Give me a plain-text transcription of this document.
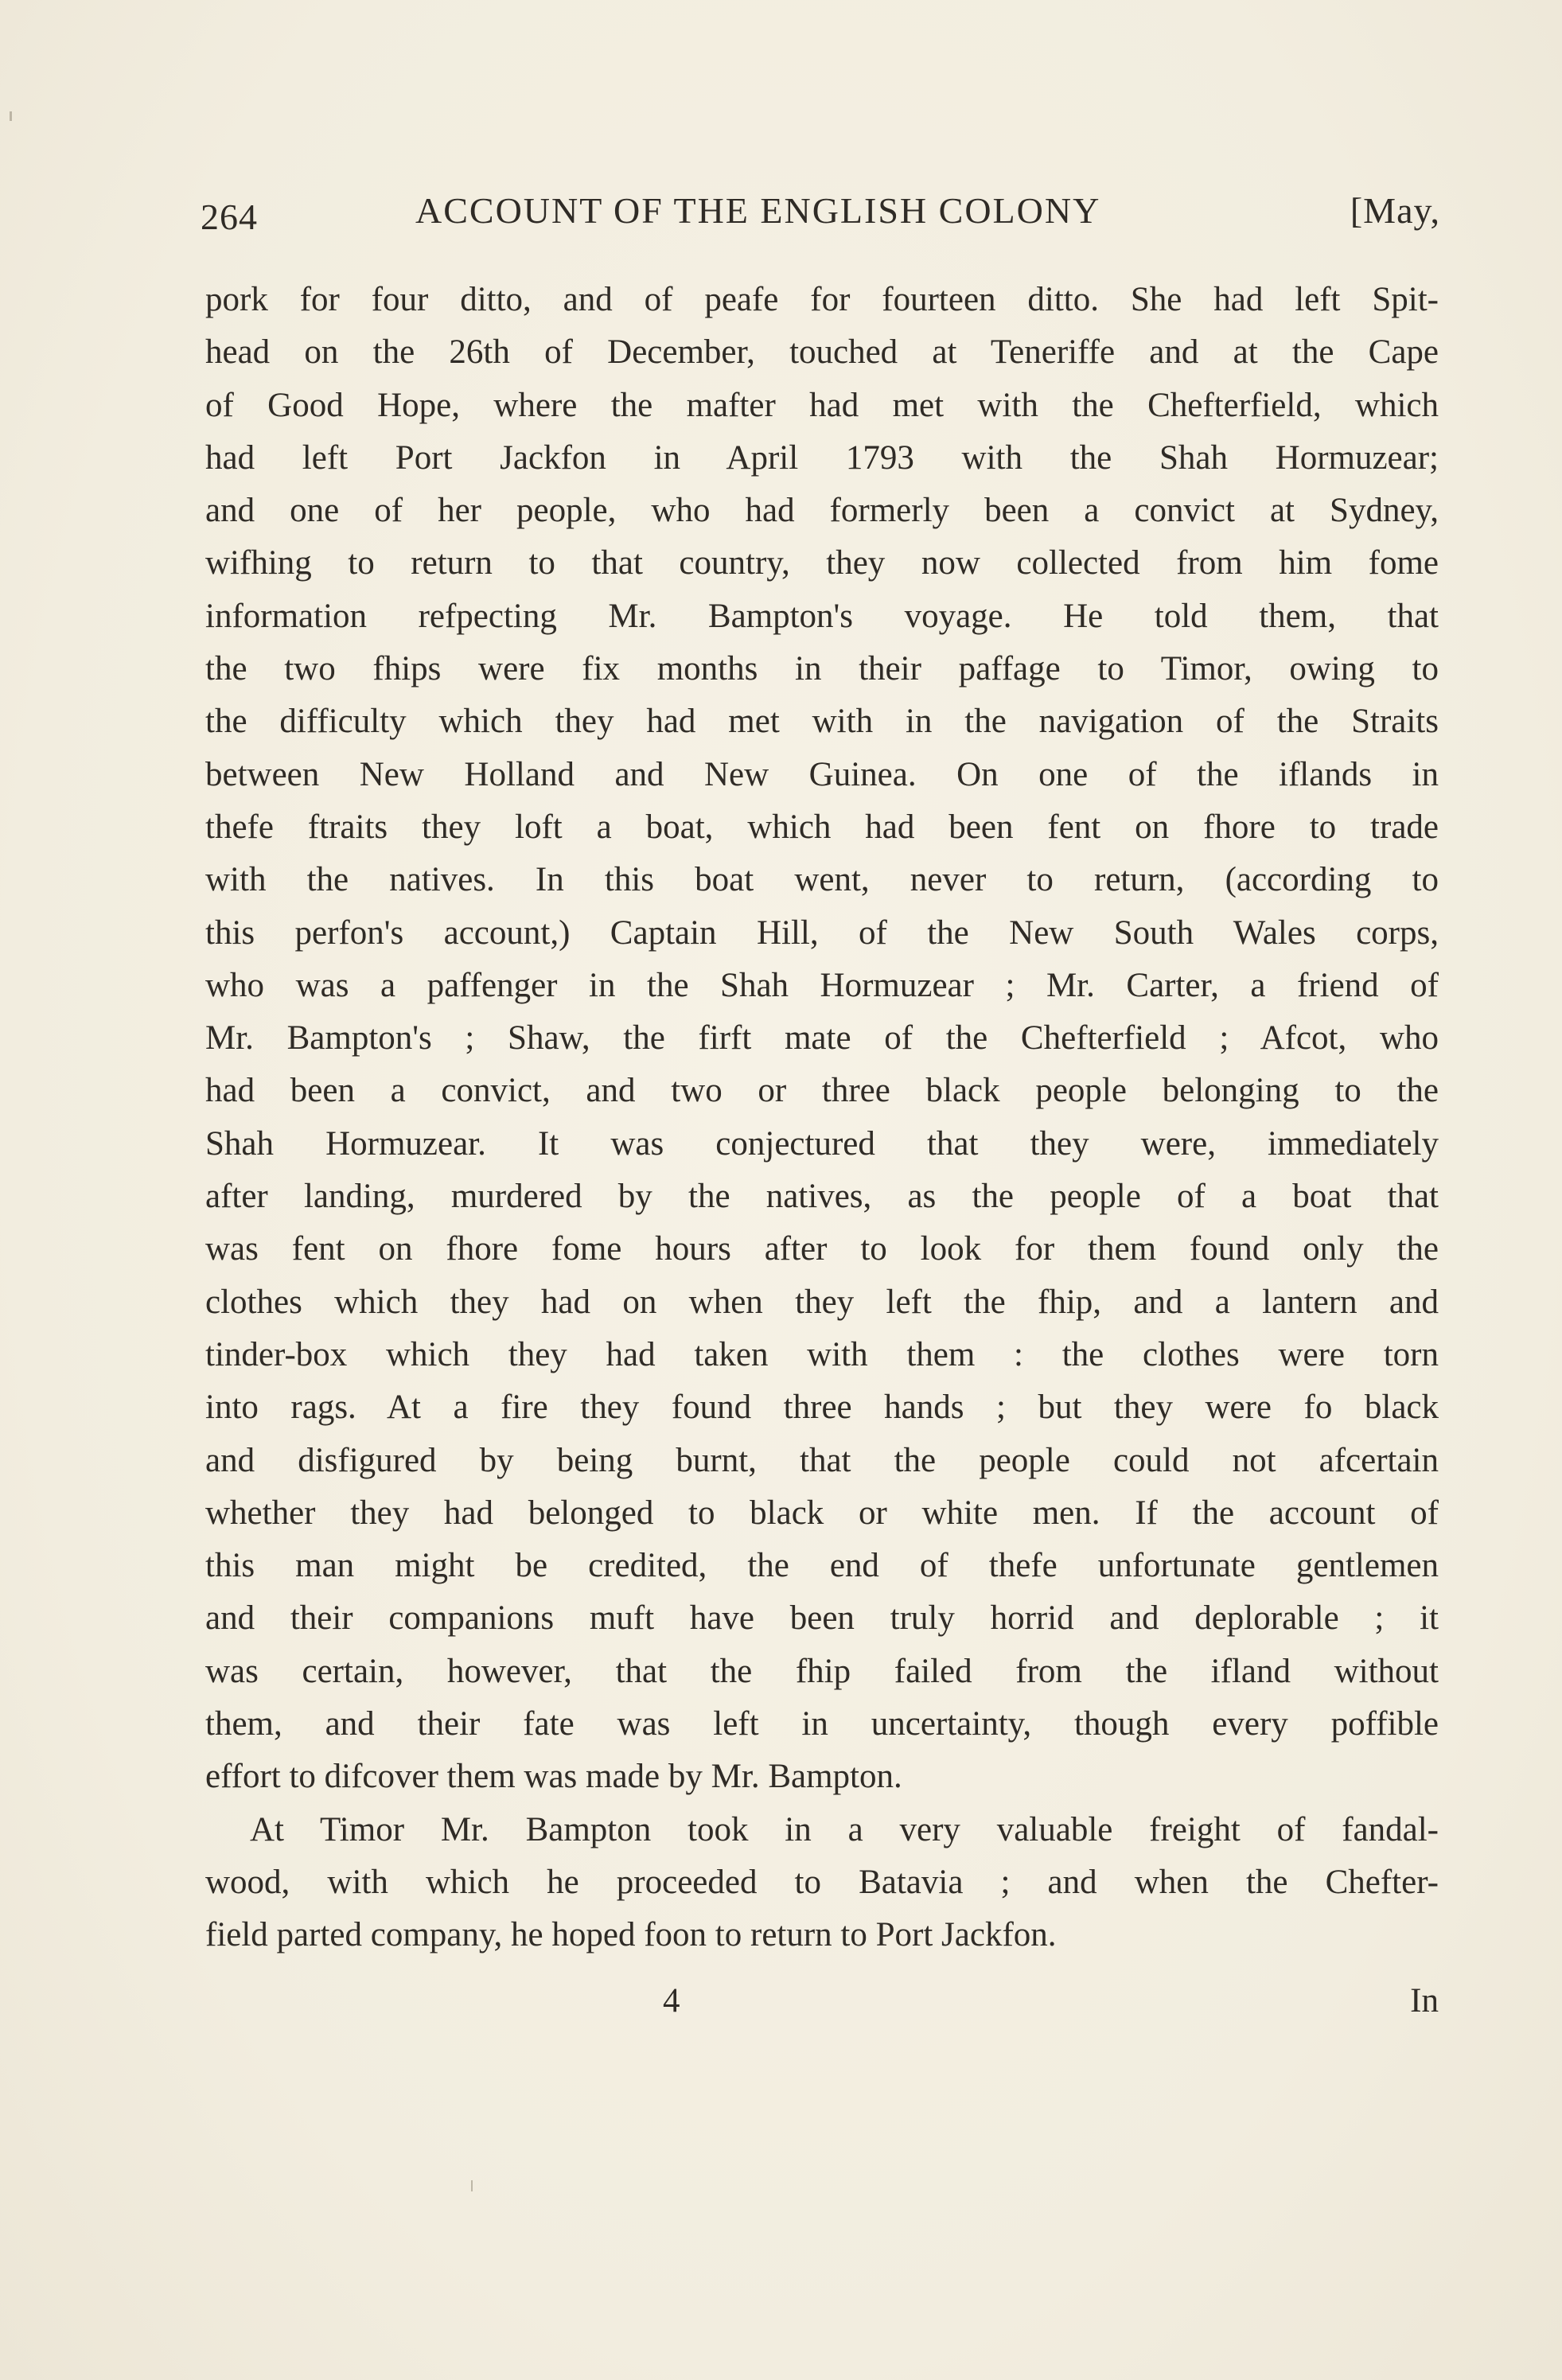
264	ACCOUNT OF THE ENGLISH COLONY	[May,
pork for four ditto, and of peafe for fourteen ditto. She had left Spit-
head on the 26th of December, touched at Teneriffe and at the Cape
of Good Hope, where the mafter had met with the Chefterfield, which
had left Port Jackfon in April 1793 with the Shah Hormuzear;
and one of her people, who had formerly been a convict at Sydney,
wifhing to return to that country, they now collected from him fome
information refpecting Mr. Bampton's voyage. He told them, that
the two fhips were fix months in their paffage to Timor, owing to
the difficulty which they had met with in the navigation of the Straits
between New Holland and New Guinea. On one of the iflands in
thefe ftraits they loft a boat, which had been fent on fhore to trade
with the natives. In this boat went, never to return, (according to
this perfon's account,) Captain Hill, of the New South Wales corps,
who was a paffenger in the Shah Hormuzear ; Mr. Carter, a friend of
Mr. Bampton's ; Shaw, the firft mate of the Chefterfield ; Afcot, who
had been a convict, and two or three black people belonging to the
Shah Hormuzear. It was conjectured that they were, immediately
after landing, murdered by the natives, as the people of a boat that
was fent on fhore fome hours after to look for them found only the
clothes which they had on when they left the fhip, and a lantern and
tinder-box which they had taken with them : the clothes were torn
into rags. At a fire they found three hands ; but they were fo black
and disfigured by being burnt, that the people could not afcertain
whether they had belonged to black or white men. If the account of
this man might be credited, the end of thefe unfortunate gentlemen
and their companions muft have been truly horrid and deplorable ; it
was certain, however, that the fhip failed from the ifland without
them, and their fate was left in uncertainty, though every poffible
effort to difcover them was made by Mr. Bampton.
At Timor Mr. Bampton took in a very valuable freight of fandal-
wood, with which he proceeded to Batavia ; and when the Chefter-
field parted company, he hoped foon to return to Port Jackfon.
4	In
